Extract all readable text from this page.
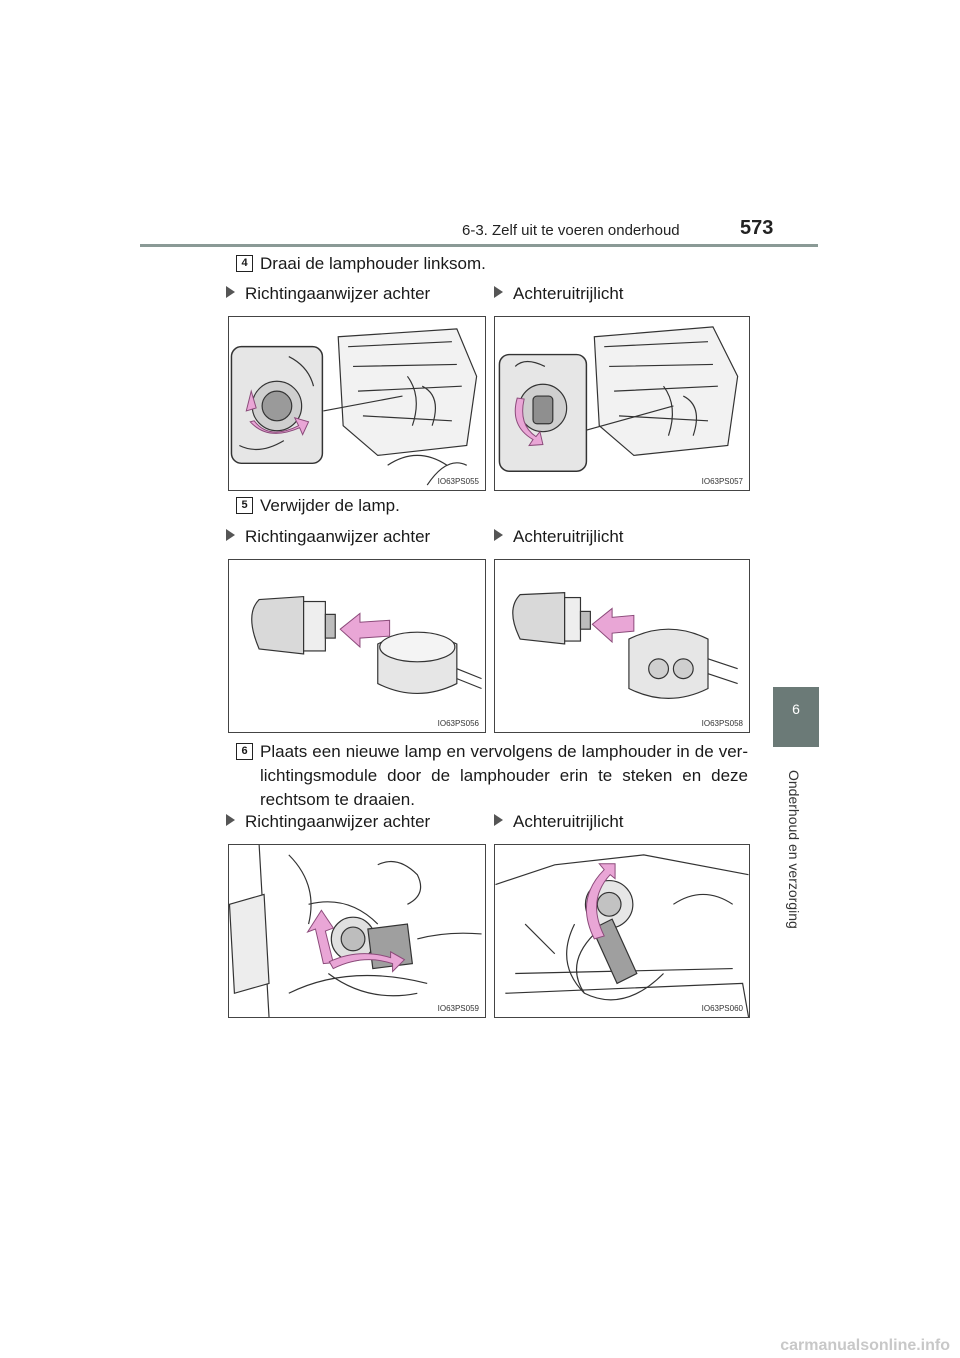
6-3. Zelf uit te voeren onderhoud	573
6
Onderhoud en verzorging
4 Draai de lamphouder linksom.
Richtingaanwijzer achter	Achteruitrijlicht
IO63PS055	IO63PS057
5 Verwijder de lamp.
Richtingaanwijzer achter	Achteruitrijlicht
IO63PS056	IO63PS058
6 Plaats een nieuwe lamp en vervolgens de lamphouder in de ver-lichtingsmodule door de lamphouder erin te steken en deze rechtsom te draaien.
Richtingaanwijzer achter	Achteruitrijlicht
IO63PS059	IO63PS060
carmanualsonline.info
